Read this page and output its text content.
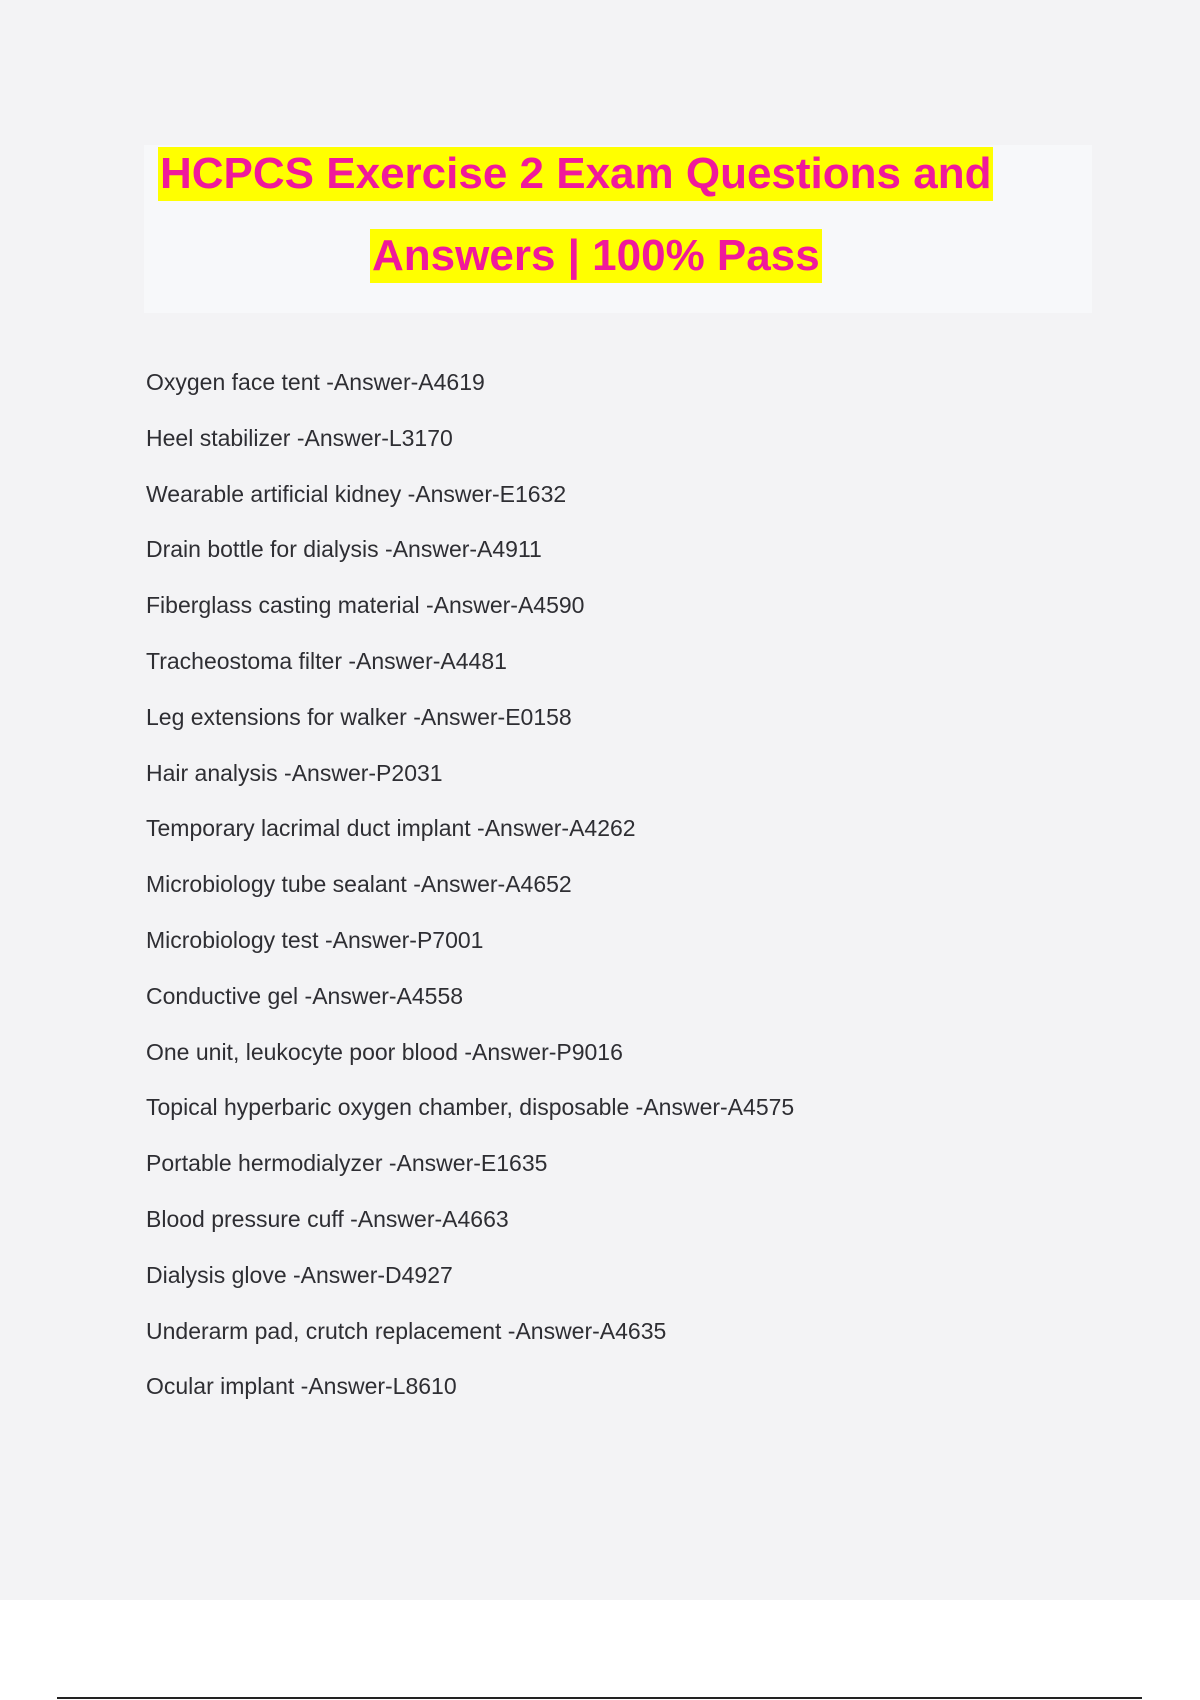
HCPCS Exercise 2 Exam Questions and
Answers | 100% Pass
Oxygen face tent -Answer-A4619
Heel stabilizer -Answer-L3170
Wearable artificial kidney -Answer-E1632
Drain bottle for dialysis -Answer-A4911
Fiberglass casting material -Answer-A4590
Tracheostoma filter -Answer-A4481
Leg extensions for walker -Answer-E0158
Hair analysis -Answer-P2031
Temporary lacrimal duct implant -Answer-A4262
Microbiology tube sealant -Answer-A4652
Microbiology test -Answer-P7001
Conductive gel -Answer-A4558
One unit, leukocyte poor blood -Answer-P9016
Topical hyperbaric oxygen chamber, disposable -Answer-A4575
Portable hermodialyzer -Answer-E1635
Blood pressure cuff -Answer-A4663
Dialysis glove -Answer-D4927
Underarm pad, crutch replacement -Answer-A4635
Ocular implant -Answer-L8610
